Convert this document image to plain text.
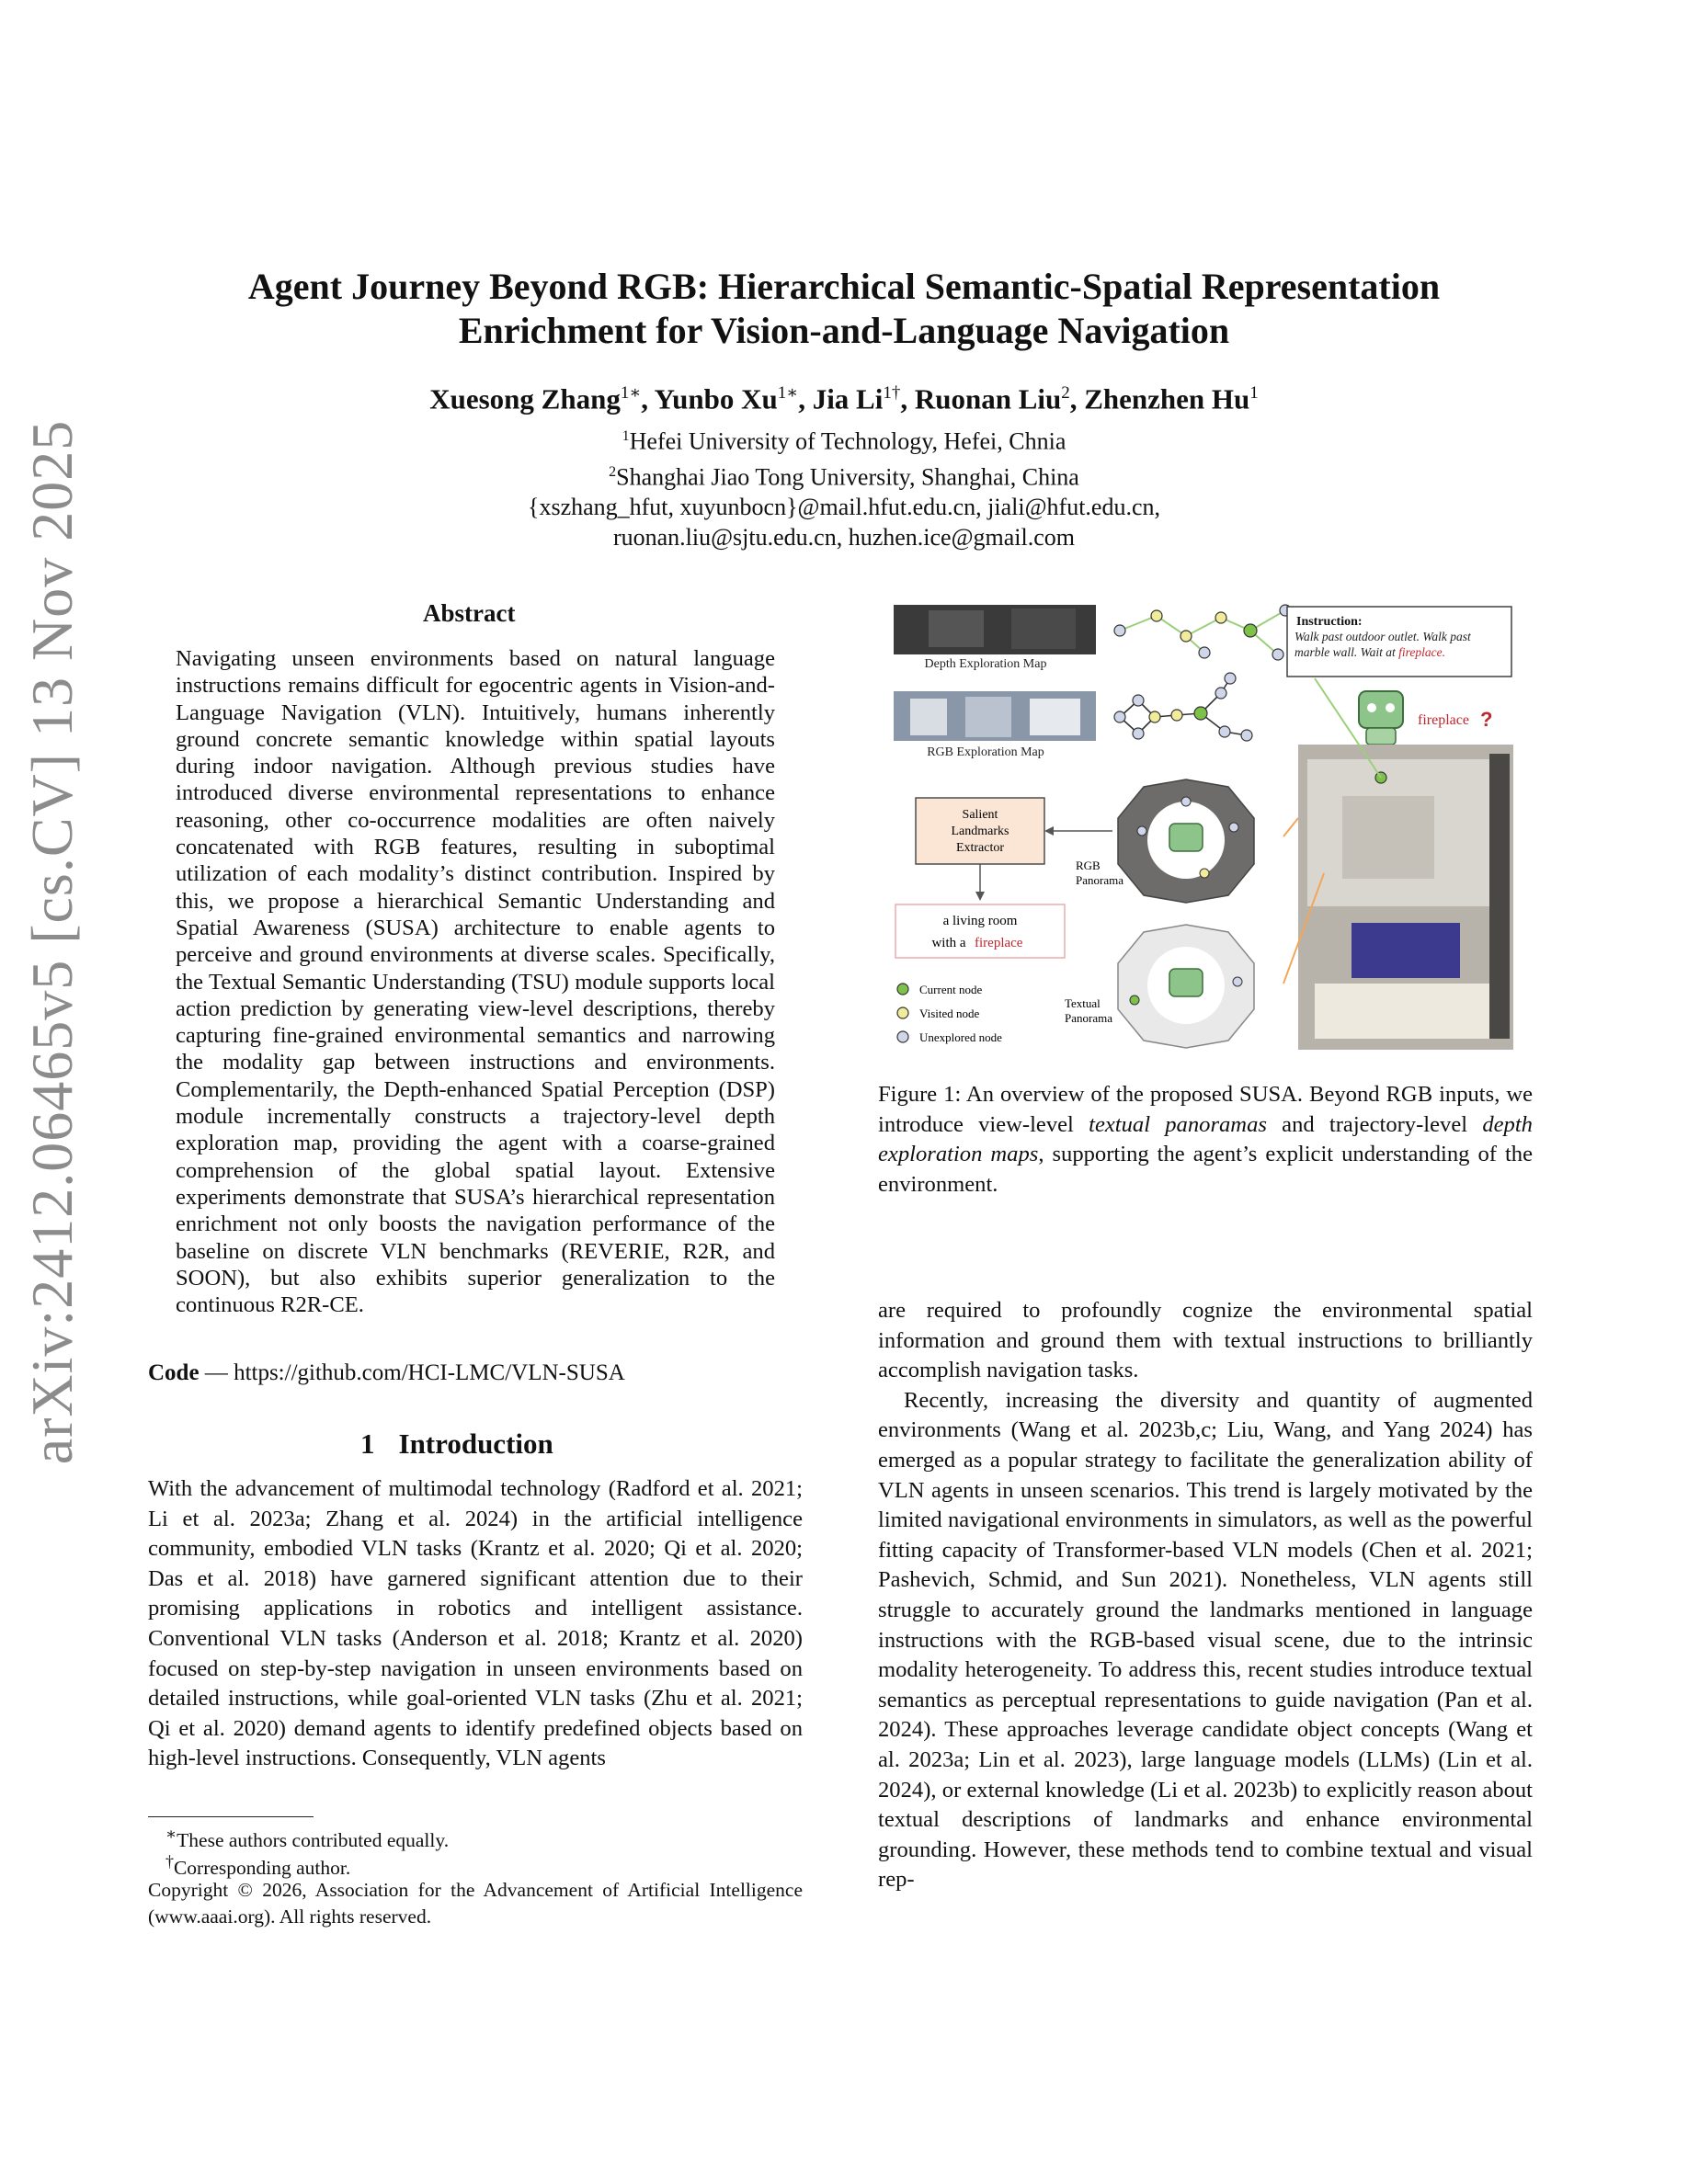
arXiv:2412.06465v5 [cs.CV] 13 Nov 2025
Agent Journey Beyond RGB: Hierarchical Semantic-Spatial Representation
Enrichment for Vision-and-Language Navigation
Xuesong Zhang$^{1∗}$, Yunbo $Xu^{1∗}$, Jia $Li^{1\dagger}$, Ruonan Liu$^2$, Zhenzhen Hu$^1$
$^1$Hefei University of Technology, Hefei, Chnia
$^2$Shanghai Jiao Tong University, Shanghai, China
{xszhang_hfut, xuyunbocn}@mail.hfut.edu.cn, jiali@hfut.edu.cn,
ruonan.liu@sjtu.edu.cn, huzhen.ice@gmail.com
Abstract
Navigating unseen environments based on natural language instructions remains difficult for egocentric agents in Vision-and-Language Navigation (VLN). Intuitively, humans inherently ground concrete semantic knowledge within spatial layouts during indoor navigation. Although previous studies have introduced diverse environmental representations to enhance reasoning, other co-occurrence modalities are often naively concatenated with RGB features, resulting in suboptimal utilization of each modality’s distinct contribution. Inspired by this, we propose a hierarchical Semantic Understanding and Spatial Awareness (SUSA) architecture to enable agents to perceive and ground environments at diverse scales. Specifically, the Textual Semantic Understanding (TSU) module supports local action prediction by generating view-level descriptions, thereby capturing fine-grained environmental semantics and narrowing the modality gap between instructions and environments. Complementarily, the Depth-enhanced Spatial Perception (DSP) module incrementally constructs a trajectory-level depth exploration map, providing the agent with a coarse-grained comprehension of the global spatial layout. Extensive experiments demonstrate that SUSA’s hierarchical representation enrichment not only boosts the navigation performance of the baseline on discrete VLN benchmarks (REVERIE, R2R, and SOON), but also exhibits superior generalization to the continuous R2R-CE.
Code — https://github.com/HCI-LMC/VLN-SUSA
1 Introduction
With the advancement of multimodal technology (Radford et al. 2021; Li et al. 2023a; Zhang et al. 2024) in the artificial intelligence community, embodied VLN tasks (Krantz et al. 2020; Qi et al. 2020; Das et al. 2018) have garnered significant attention due to their promising applications in robotics and intelligent assistance. Conventional VLN tasks (Anderson et al. 2018; Krantz et al. 2020) focused on step-by-step navigation in unseen environments based on detailed instructions, while goal-oriented VLN tasks (Zhu et al. 2021; Qi et al. 2020) demand agents to identify predefined objects based on high-level instructions. Consequently, VLN agents
∗These authors contributed equally.
†Corresponding author.
Copyright © 2026, Association for the Advancement of Artificial Intelligence (www.aaai.org). All rights reserved.
Depth Exploration Map
RGB Exploration Map
Instruction:
Walk past outdoor outlet. Walk past marble wall. Wait at fireplace.
fireplace ?
Salient
Landmarks
Extractor
RGB
Panorama
a living room
with a fireplace
Textual
Panorama
Current node
Visited node
Unexplored node
Figure 1: An overview of the proposed SUSA. Beyond RGB inputs, we introduce view-level textual panoramas and trajectory-level depth exploration maps, supporting the agent’s explicit understanding of the environment.

are required to profoundly cognize the environmental spatial information and ground them with textual instructions to brilliantly accomplish navigation tasks.

Recently, increasing the diversity and quantity of augmented environments (Wang et al. 2023b,c; Liu, Wang, and Yang 2024) has emerged as a popular strategy to facilitate the generalization ability of VLN agents in unseen scenarios. This trend is largely motivated by the limited navigational environments in simulators, as well as the powerful fitting capacity of Transformer-based VLN models (Chen et al. 2021; Pashevich, Schmid, and Sun 2021). Nonetheless, VLN agents still struggle to accurately ground the landmarks mentioned in language instructions with the RGB-based visual scene, due to the intrinsic modality heterogeneity. To address this, recent studies introduce textual semantics as perceptual representations to guide navigation (Pan et al. 2024). These approaches leverage candidate object concepts (Wang et al. 2023a; Lin et al. 2023), large language models (LLMs) (Lin et al. 2024), or external knowledge (Li et al. 2023b) to explicitly reason about textual descriptions of landmarks and enhance environmental grounding. However, these methods tend to combine textual and visual rep-
